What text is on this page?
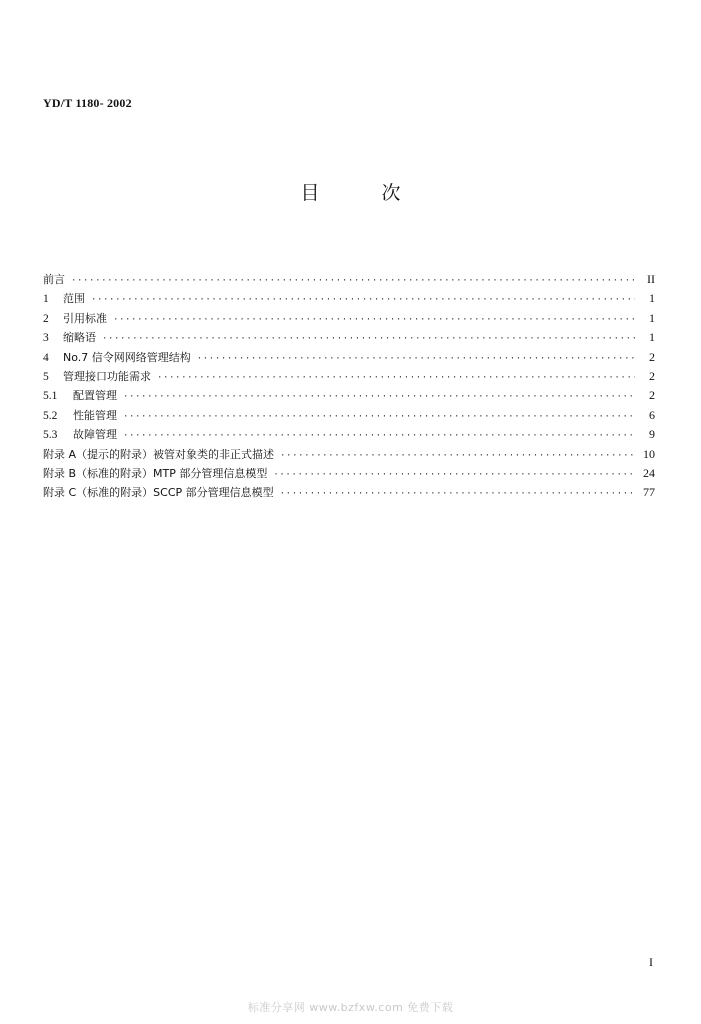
YD/T 1180- 2002
目次
前言 ·····	II
1	范围 ·····	1
2	引用标准 ·····	1
3	缩略语 ·····	1
4	No.7 信令网网络管理结构 ·····	2
5	管理接口功能需求 ·····	2
5.1	配置管理 ·····	2
5.2	性能管理 ·····	6
5.3	故障管理 ·····	9
附录 A（提示的附录）被管对象类的非正式描述 ·····	10
附录 B（标准的附录）MTP 部分管理信息模型 ·····	24
附录 C（标准的附录）SCCP 部分管理信息模型 ·····	77
I
标准分享网 www.bzfxw.com 免费下载
